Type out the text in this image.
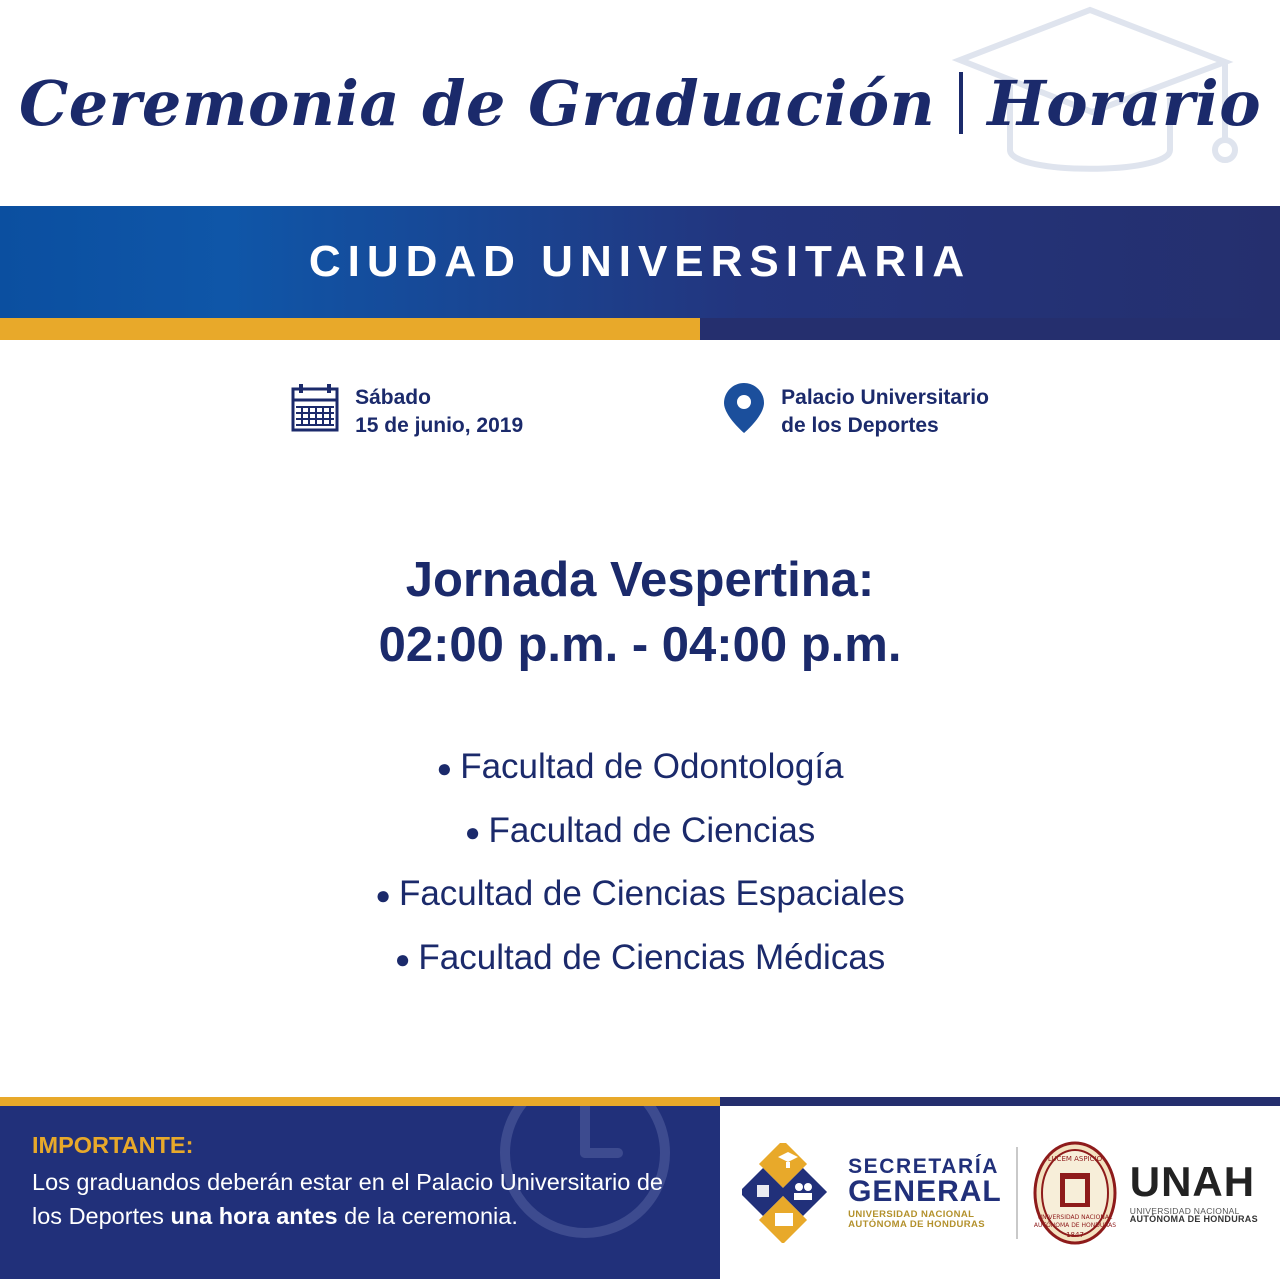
Ceremonia de Graduación Horario
CIUDAD UNIVERSITARIA
Sábado
15 de junio, 2019
Palacio Universitario
de los Deportes
Jornada Vespertina:
02:00 p.m. - 04:00 p.m.
● Facultad de Odontología
● Facultad de Ciencias
● Facultad de Ciencias Espaciales
● Facultad de Ciencias Médicas
IMPORTANTE:
Los graduandos deberán estar en el Palacio Universitario de los Deportes una hora antes de la ceremonia.
SECRETARÍA
GENERAL
UNIVERSIDAD NACIONAL
AUTÓNOMA DE HONDURAS
LUCEM ASPICIO
UNIVERSIDAD NACIONAL
AUTÓNOMA DE HONDURAS
1847
UNAH
UNIVERSIDAD NACIONAL
AUTÓNOMA DE HONDURAS
